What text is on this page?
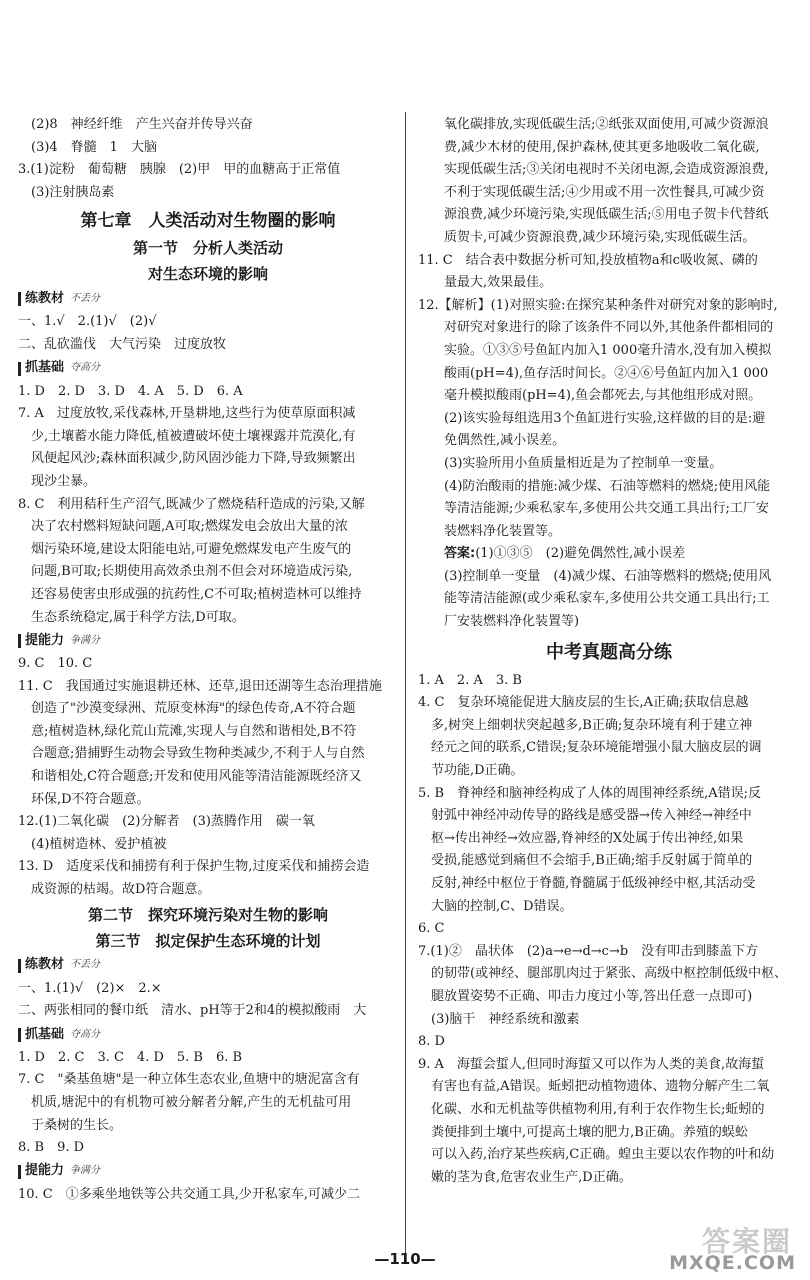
(2)8　神经纤维　产生兴奋并传导兴奋
(3)4　脊髓　1　大脑
3.(1)淀粉　葡萄糖　胰腺　(2)甲　甲的血糖高于正常值
(3)注射胰岛素
第七章　人类活动对生物圈的影响
第一节　分析人类活动
对生态环境的影响
练教材 不丢分
一、1.√　2.(1)√　(2)√
二、乱砍滥伐　大气污染　过度放牧
抓基础 夺高分
1. D　2. D　3. D　4. A　5. D　6. A
7. A　过度放牧,采伐森林,开垦耕地,这些行为使草原面积减
少,土壤蓄水能力降低,植被遭破坏使土壤裸露并荒漠化,有
风便起风沙;森林面积减少,防风固沙能力下降,导致频繁出
现沙尘暴。
8. C　利用秸秆生产沼气,既减少了燃烧秸秆造成的污染,又解
决了农村燃料短缺问题,A可取;燃煤发电会放出大量的浓
烟污染环境,建设太阳能电站,可避免燃煤发电产生废气的
问题,B可取;长期使用高效杀虫剂不但会对环境造成污染,
还容易使害虫形成强的抗药性,C不可取;植树造林可以维持
生态系统稳定,属于科学方法,D可取。
提能力 争满分
9. C　10. C
11. C　我国通过实施退耕还林、还草,退田还湖等生态治理措施
创造了"沙漠变绿洲、荒原变林海"的绿色传奇,A不符合题
意;植树造林,绿化荒山荒滩,实现人与自然和谐相处,B不符
合题意;猎捕野生动物会导致生物种类减少,不利于人与自然
和谐相处,C符合题意;开发和使用风能等清洁能源既经济又
环保,D不符合题意。
12.(1)二氧化碳　(2)分解者　(3)蒸腾作用　碳一氧
(4)植树造林、爱护植被
13. D　适度采伐和捕捞有利于保护生物,过度采伐和捕捞会造
成资源的枯竭。故D符合题意。
第二节　探究环境污染对生物的影响
第三节　拟定保护生态环境的计划
练教材 不丢分
一、1.(1)√　(2)×　2.×
二、两张相同的餐巾纸　清水、pH等于2和4的模拟酸雨　大
抓基础 夺高分
1. D　2. C　3. C　4. D　5. B　6. B
7. C　"桑基鱼塘"是一种立体生态农业,鱼塘中的塘泥富含有
机质,塘泥中的有机物可被分解者分解,产生的无机盐可用
于桑树的生长。
8. B　9. D
提能力 争满分
10. C　①多乘坐地铁等公共交通工具,少开私家车,可减少二
氧化碳排放,实现低碳生活;②纸张双面使用,可减少资源浪
费,减少木材的使用,保护森林,使其更多地吸收二氧化碳,
实现低碳生活;③关闭电视时不关闭电源,会造成资源浪费,
不利于实现低碳生活;④少用或不用一次性餐具,可减少资
源浪费,减少环境污染,实现低碳生活;⑤用电子贺卡代替纸
质贺卡,可减少资源浪费,减少环境污染,实现低碳生活。
11. C　结合表中数据分析可知,投放植物a和c吸收氮、磷的
量最大,效果最佳。
12.【解析】(1)对照实验:在探究某种条件对研究对象的影响时,
对研究对象进行的除了该条件不同以外,其他条件都相同的
实验。①③⑤号鱼缸内加入1 000毫升清水,没有加入模拟
酸雨(pH=4),鱼存活时间长。②④⑥号鱼缸内加入1 000
毫升模拟酸雨(pH=4),鱼会都死去,与其他组形成对照。
(2)该实验每组选用3个鱼缸进行实验,这样做的目的是:避
免偶然性,减小误差。
(3)实验所用小鱼质量相近是为了控制单一变量。
(4)防治酸雨的措施:减少煤、石油等燃料的燃烧;使用风能
等清洁能源;少乘私家车,多使用公共交通工具出行;工厂安
装燃料净化装置等。
答案:(1)①③⑤　(2)避免偶然性,减小误差
(3)控制单一变量　(4)减少煤、石油等燃料的燃烧;使用风
能等清洁能源(或少乘私家车,多使用公共交通工具出行;工
厂安装燃料净化装置等)
中考真题高分练
1. A　2. A　3. B
4. C　复杂环境能促进大脑皮层的生长,A正确;获取信息越
多,树突上细刺状突起越多,B正确;复杂环境有利于建立神
经元之间的联系,C错误;复杂环境能增强小鼠大脑皮层的调
节功能,D正确。
5. B　脊神经和脑神经构成了人体的周围神经系统,A错误;反
射弧中神经冲动传导的路线是感受器→传入神经→神经中
枢→传出神经→效应器,脊神经的X处属于传出神经,如果
受损,能感觉到痛但不会缩手,B正确;缩手反射属于简单的
反射,神经中枢位于脊髓,脊髓属于低级神经中枢,其活动受
大脑的控制,C、D错误。
6. C
7.(1)②　晶状体　(2)a→e→d→c→b　没有叩击到膝盖下方
的韧带(或神经、腿部肌肉过于紧张、高级中枢控制低级中枢、
腿放置姿势不正确、叩击力度过小等,答出任意一点即可)
(3)脑干　神经系统和激素
8. D
9. A　海蜇会蜇人,但同时海蜇又可以作为人类的美食,故海蜇
有害也有益,A错误。蚯蚓把动植物遗体、遗物分解产生二氧
化碳、水和无机盐等供植物利用,有利于农作物生长;蚯蚓的
粪便排到土壤中,可提高土壤的肥力,B正确。养殖的蜈蚣
可以入药,治疗某些疾病,C正确。蝗虫主要以农作物的叶和幼
嫩的茎为食,危害农业生产,D正确。
—110—
答案圈
MXQE.COM
